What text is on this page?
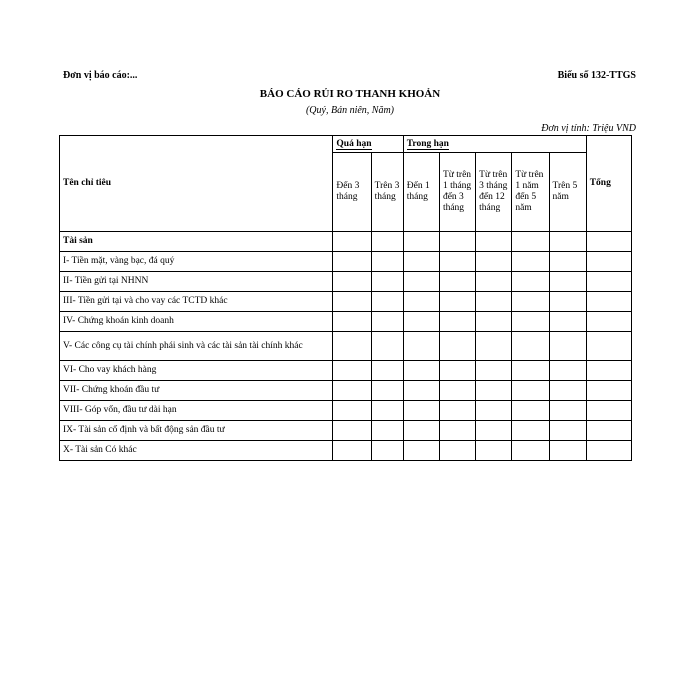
Đơn vị báo cáo:...	Biểu số 132-TTGS
BÁO CÁO RỦI RO THANH KHOẢN
(Quý, Bán niên, Năm)
Đơn vị tính: Triệu VND
Tên chỉ tiêu	Quá hạn		Trong hạn					Tổng
	Đến 3 tháng	Trên 3 tháng	Đến 1 tháng	Từ trên 1 tháng đến 3 tháng	Từ trên 3 tháng đến 12 tháng	Từ trên 1 năm đến 5 năm	Trên 5 năm	
Tài sản								
I- Tiền mặt, vàng bạc, đá quý								
II- Tiền gửi tại NHNN								
III- Tiền gửi tại và cho vay các TCTD khác								
IV- Chứng khoán kinh doanh								
V- Các công cụ tài chính phái sinh và các tài sản tài chính khác								
VI- Cho vay khách hàng								
VII- Chứng khoán đầu tư								
VIII- Góp vốn, đầu tư dài hạn								
IX- Tài sản cố định và bất động sản đầu tư								
X- Tài sản Có khác								
